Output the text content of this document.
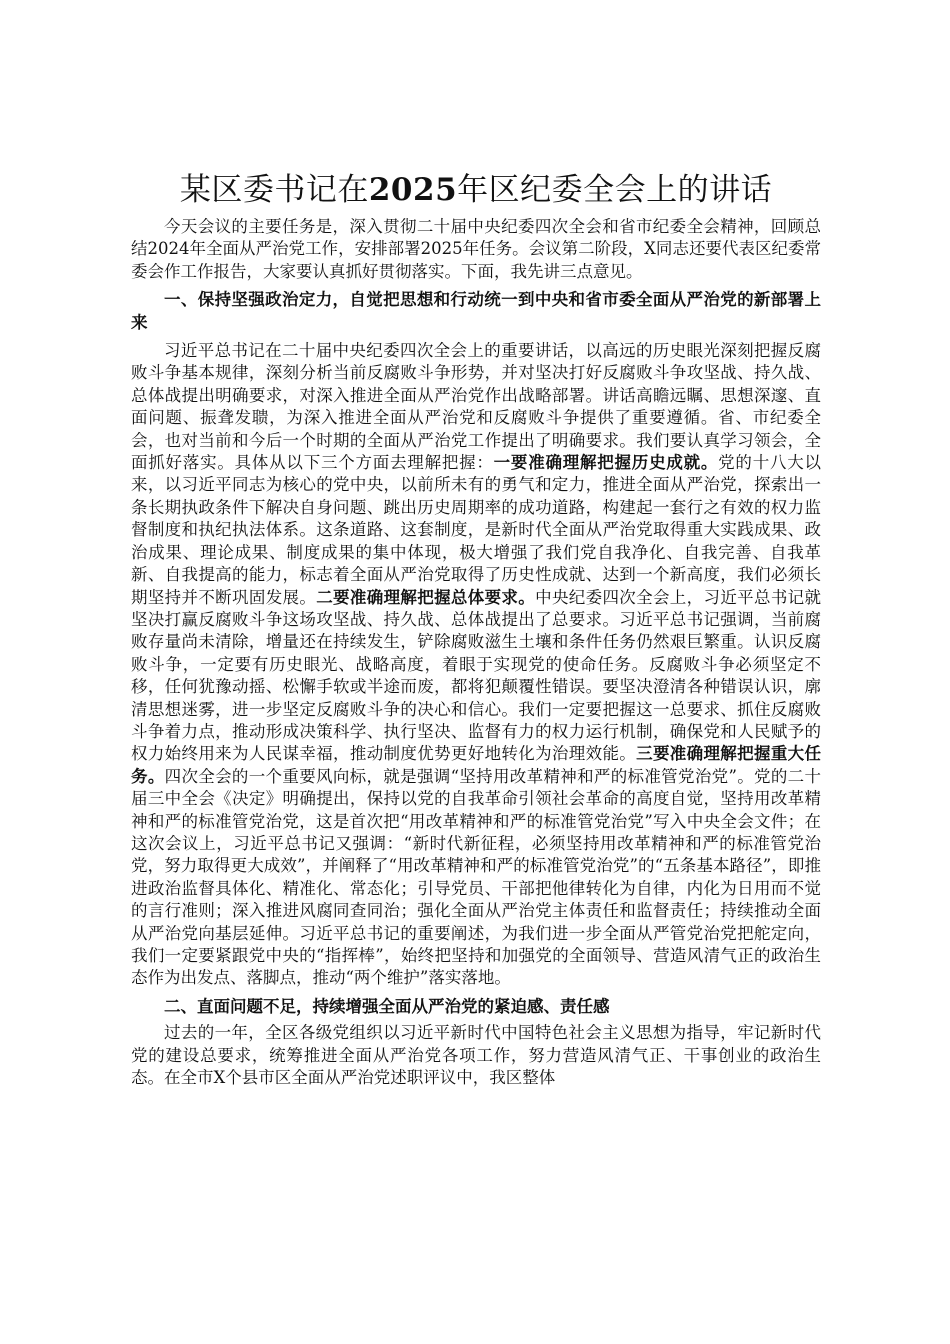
某区委书记在2025年区纪委全会上的讲话

今天会议的主要任务是，深入贯彻二十届中央纪委四次全会和省市纪委全会精神，回顾总结2024年全面从严治党工作，安排部署2025年任务。会议第二阶段，X同志还要代表区纪委常委会作工作报告，大家要认真抓好贯彻落实。下面，我先讲三点意见。

一、保持坚强政治定力，自觉把思想和行动统一到中央和省市委全面从严治党的新部署上来

习近平总书记在二十届中央纪委四次全会上的重要讲话，以高远的历史眼光深刻把握反腐败斗争基本规律，深刻分析当前反腐败斗争形势，并对坚决打好反腐败斗争攻坚战、持久战、总体战提出明确要求，对深入推进全面从严治党作出战略部署。讲话高瞻远瞩、思想深邃、直面问题、振聋发聩，为深入推进全面从严治党和反腐败斗争提供了重要遵循。省、市纪委全会，也对当前和今后一个时期的全面从严治党工作提出了明确要求。我们要认真学习领会，全面抓好落实。具体从以下三个方面去理解把握：一要准确理解把握历史成就。党的十八大以来，以习近平同志为核心的党中央，以前所未有的勇气和定力，推进全面从严治党，探索出一条长期执政条件下解决自身问题、跳出历史周期率的成功道路，构建起一套行之有效的权力监督制度和执纪执法体系。这条道路、这套制度，是新时代全面从严治党取得重大实践成果、政治成果、理论成果、制度成果的集中体现，极大增强了我们党自我净化、自我完善、自我革新、自我提高的能力，标志着全面从严治党取得了历史性成就、达到一个新高度，我们必须长期坚持并不断巩固发展。二要准确理解把握总体要求。中央纪委四次全会上，习近平总书记就坚决打赢反腐败斗争这场攻坚战、持久战、总体战提出了总要求。习近平总书记强调，当前腐败存量尚未清除，增量还在持续发生，铲除腐败滋生土壤和条件任务仍然艰巨繁重。认识反腐败斗争，一定要有历史眼光、战略高度，着眼于实现党的使命任务。反腐败斗争必须坚定不移，任何犹豫动摇、松懈手软或半途而废，都将犯颠覆性错误。要坚决澄清各种错误认识，廓清思想迷雾，进一步坚定反腐败斗争的决心和信心。我们一定要把握这一总要求、抓住反腐败斗争着力点，推动形成决策科学、执行坚决、监督有力的权力运行机制，确保党和人民赋予的权力始终用来为人民谋幸福，推动制度优势更好地转化为治理效能。三要准确理解把握重大任务。四次全会的一个重要风向标，就是强调“坚持用改革精神和严的标准管党治党”。党的二十届三中全会《决定》明确提出，保持以党的自我革命引领社会革命的高度自觉，坚持用改革精神和严的标准管党治党，这是首次把“用改革精神和严的标准管党治党”写入中央全会文件；在这次会议上，习近平总书记又强调：“新时代新征程，必须坚持用改革精神和严的标准管党治党，努力取得更大成效”，并阐释了“用改革精神和严的标准管党治党”的“五条基本路径”，即推进政治监督具体化、精准化、常态化；引导党员、干部把他律转化为自律，内化为日用而不觉的言行准则；深入推进风腐同查同治；强化全面从严治党主体责任和监督责任；持续推动全面从严治党向基层延伸。习近平总书记的重要阐述，为我们进一步全面从严管党治党把舵定向，我们一定要紧跟党中央的“指挥棒”，始终把坚持和加强党的全面领导、营造风清气正的政治生态作为出发点、落脚点，推动“两个维护”落实落地。

二、直面问题不足，持续增强全面从严治党的紧迫感、责任感

过去的一年，全区各级党组织以习近平新时代中国特色社会主义思想为指导，牢记新时代党的建设总要求，统筹推进全面从严治党各项工作，努力营造风清气正、干事创业的政治生态。在全市X个县市区全面从严治党述职评议中，我区整体
